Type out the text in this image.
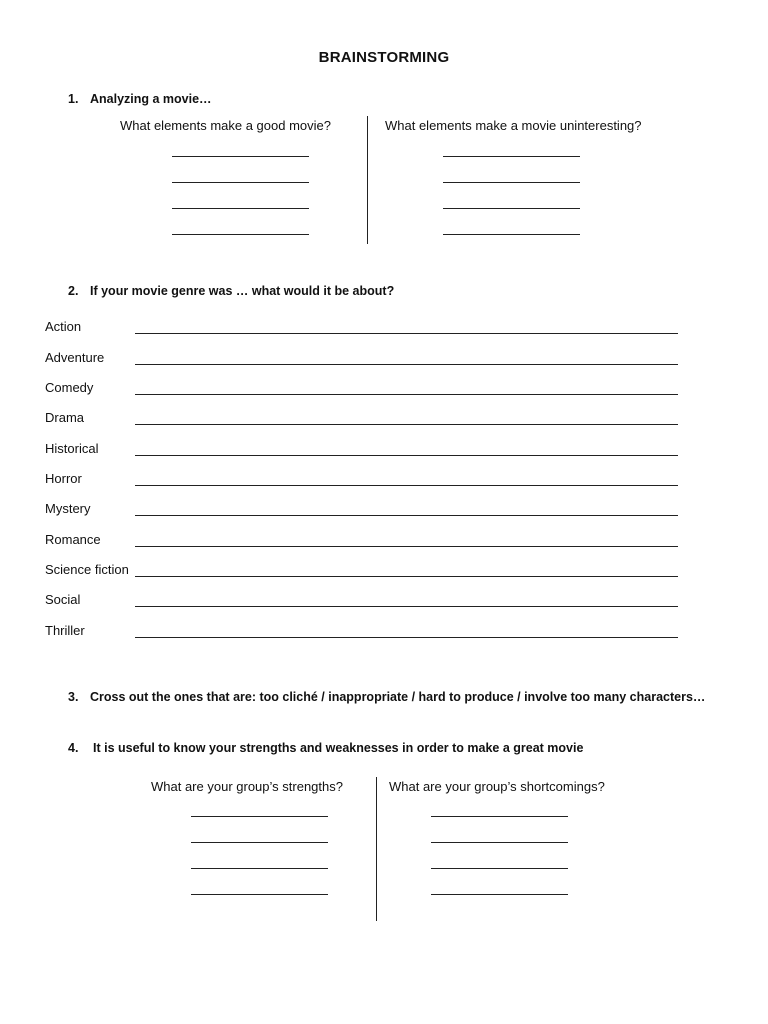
BRAINSTORMING
1. Analyzing a movie…
What elements make a good movie?	What elements make a movie uninteresting?
2. If your movie genre was … what would it be about?
Action
Adventure
Comedy
Drama
Historical
Horror
Mystery
Romance
Science fiction
Social
Thriller
3. Cross out the ones that are: too cliché / inappropriate / hard to produce / involve too many characters…
4. It is useful to know your strengths and weaknesses in order to make a great movie
What are your group’s strengths?	What are your group’s shortcomings?
